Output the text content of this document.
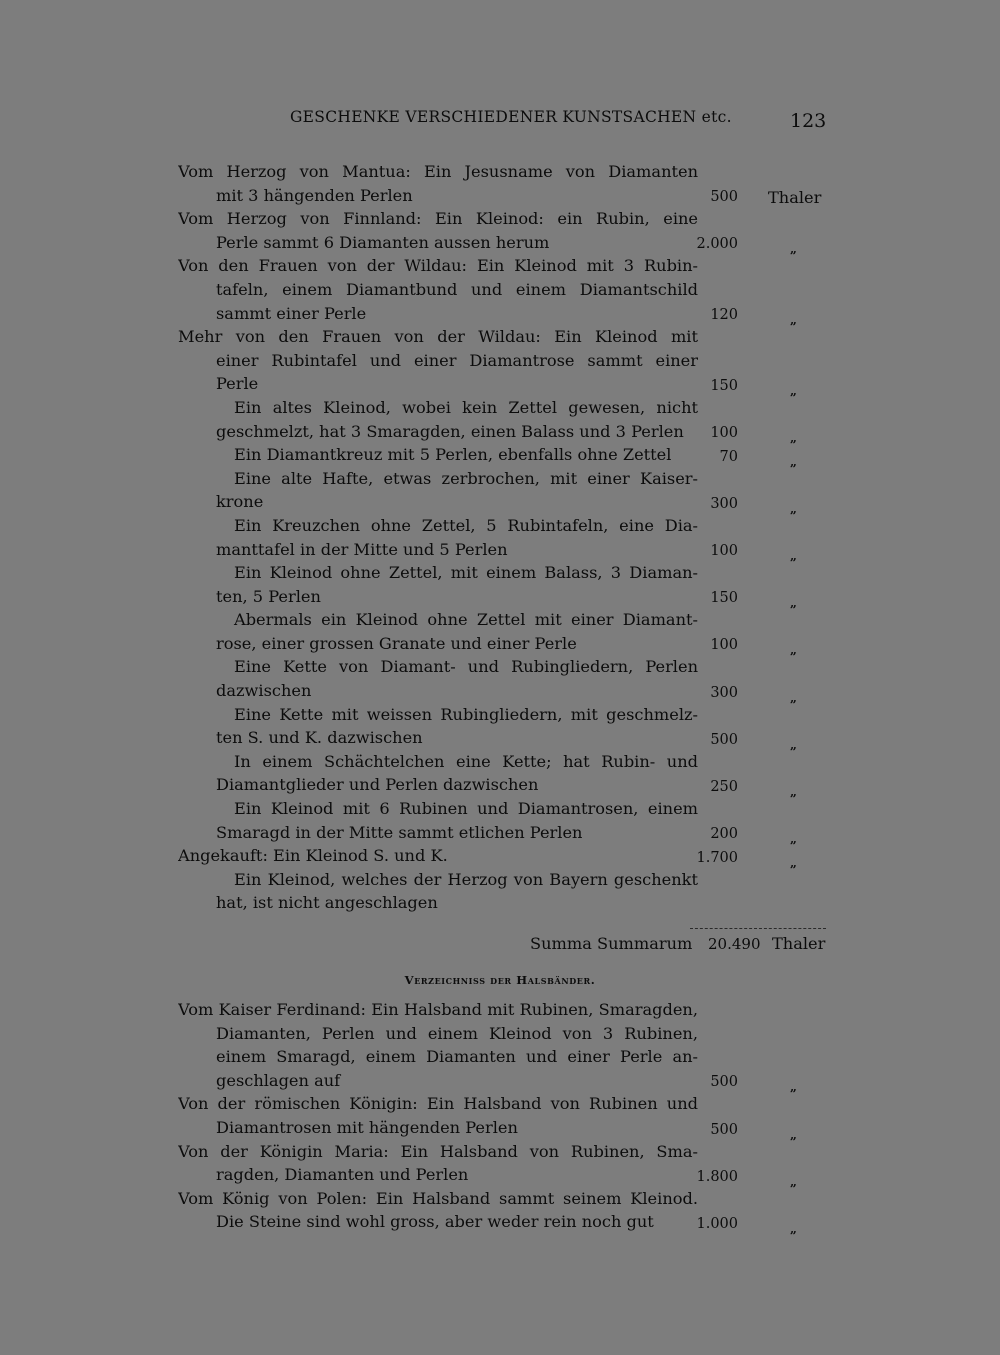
GESCHENKE VERSCHIEDENER KUNSTSACHEN etc.	123
Vom Herzog von Mantua: Ein Jesusname von Diamanten
mit 3 hängenden Perlen	500 Thaler
Vom Herzog von Finnland: Ein Kleinod: ein Rubin, eine
Perle sammt 6 Diamanten aussen herum	2.000	„
Von den Frauen von der Wildau: Ein Kleinod mit 3 Rubin-
tafeln, einem Diamantbund und einem Diamantschild
sammt einer Perle	120	„
Mehr von den Frauen von der Wildau: Ein Kleinod mit
einer Rubintafel und einer Diamantrose sammt einer
Perle	150	„
Ein altes Kleinod, wobei kein Zettel gewesen, nicht
geschmelzt, hat 3 Smaragden, einen Balass und 3 Perlen	100	„
Ein Diamantkreuz mit 5 Perlen, ebenfalls ohne Zettel	70	„
Eine alte Hafte, etwas zerbrochen, mit einer Kaiser-
krone	300	„
Ein Kreuzchen ohne Zettel, 5 Rubintafeln, eine Dia-
manttafel in der Mitte und 5 Perlen	100	„
Ein Kleinod ohne Zettel, mit einem Balass, 3 Diaman-
ten, 5 Perlen	150	„
Abermals ein Kleinod ohne Zettel mit einer Diamant-
rose, einer grossen Granate und einer Perle	100	„
Eine Kette von Diamant- und Rubingliedern, Perlen
dazwischen	300	„
Eine Kette mit weissen Rubingliedern, mit geschmelz-
ten S. und K. dazwischen	500	„
In einem Schächtelchen eine Kette; hat Rubin- und
Diamantglieder und Perlen dazwischen	250	„
Ein Kleinod mit 6 Rubinen und Diamantrosen, einem
Smaragd in der Mitte sammt etlichen Perlen	200	„
Angekauft: Ein Kleinod S. und K.	1.700	„
Ein Kleinod, welches der Herzog von Bayern geschenkt
hat, ist nicht angeschlagen
Summa Summarum 20.490 Thaler
Verzeichniss der Halsbänder.
Vom Kaiser Ferdinand: Ein Halsband mit Rubinen, Smaragden,
Diamanten, Perlen und einem Kleinod von 3 Rubinen,
einem Smaragd, einem Diamanten und einer Perle an-
geschlagen auf	500	„
Von der römischen Königin: Ein Halsband von Rubinen und
Diamantrosen mit hängenden Perlen	500	„
Von der Königin Maria: Ein Halsband von Rubinen, Sma-
ragden, Diamanten und Perlen	1.800	„
Vom König von Polen: Ein Halsband sammt seinem Kleinod.
Die Steine sind wohl gross, aber weder rein noch gut	1.000	„
